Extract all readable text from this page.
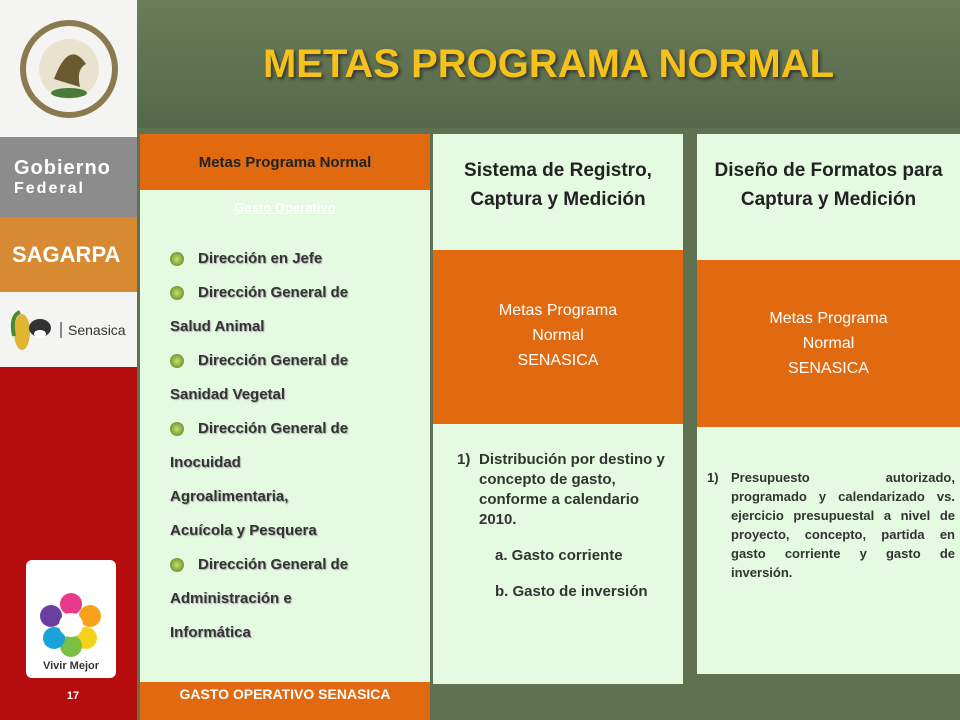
Gobierno
Federal
SAGARPA
Senasica
Vivir Mejor
17
METAS PROGRAMA NORMAL
Metas Programa Normal
Gasto Operativo
Dirección en Jefe
Dirección General de
Salud Animal
Dirección General de
Sanidad Vegetal
Dirección General de
Inocuidad
Agroalimentaria,
Acuícola y Pesquera
Dirección General de
Administración e
Informática
GASTO OPERATIVO SENASICA
Sistema de Registro, Captura y Medición
Metas Programa
Normal
SENASICA
1) Distribución por destino y concepto de gasto, conforme a calendario 2010.
a. Gasto corriente
b. Gasto de inversión
Diseño de Formatos para Captura y Medición
Metas Programa
Normal
SENASICA
1) Presupuesto autorizado, programado y calendarizado vs. ejercicio presupuestal a nivel de proyecto, concepto, partida en gasto corriente y gasto de inversión.
